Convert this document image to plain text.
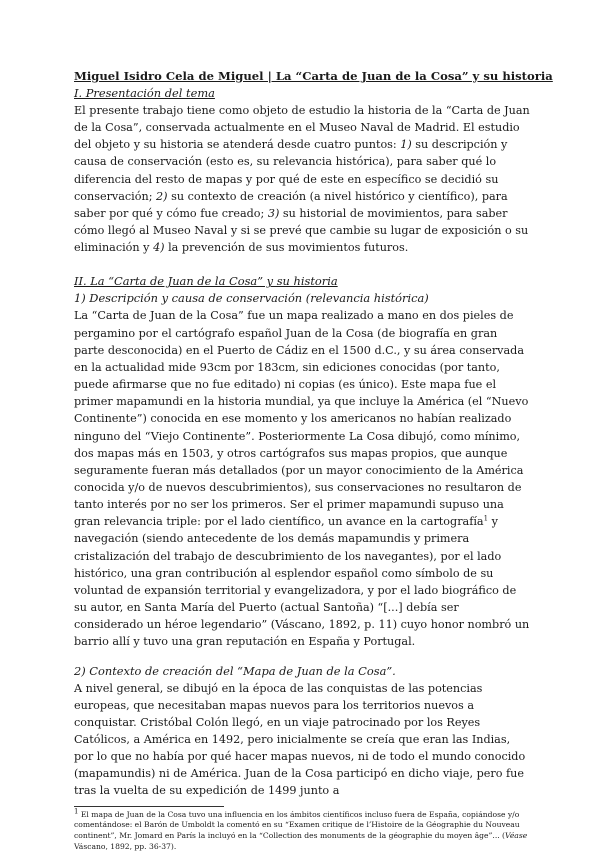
Miguel Isidro Cela de Miguel | La “Carta de Juan de la Cosa” y su historia
I. Presentación del tema

El presente trabajo tiene como objeto de estudio la historia de la “Carta de Juan de la Cosa”, conservada actualmente en el Museo Naval de Madrid. El estudio del objeto y su historia se atenderá desde cuatro puntos: 1) su descripción y causa de conservación (esto es, su relevancia histórica), para saber qué lo diferencia del resto de mapas y por qué de este en específico se decidió su conservación; 2) su contexto de creación (a nivel histórico y científico), para saber por qué y cómo fue creado; 3) su historial de movimientos, para saber cómo llegó al Museo Naval y si se prevé que cambie su lugar de exposición o su eliminación y 4) la prevención de sus movimientos futuros.

II. La “Carta de Juan de la Cosa” y su historia
1) Descripción y causa de conservación (relevancia histórica)

La “Carta de Juan de la Cosa” fue un mapa realizado a mano en dos pieles de pergamino por el cartógrafo español Juan de la Cosa (de biografía en gran parte desconocida) en el Puerto de Cádiz en el 1500 d.C., y su área conservada en la actualidad mide 93cm por 183cm, sin ediciones conocidas (por tanto, puede afirmarse que no fue editado) ni copias (es único). Este mapa fue el primer mapamundi en la historia mundial, ya que incluye la América (el “Nuevo Continente”) conocida en ese momento y los americanos no habían realizado ninguno del “Viejo Continente”. Posteriormente La Cosa dibujó, como mínimo, dos mapas más en 1503, y otros cartógrafos sus mapas propios, que aunque seguramente fueran más detallados (por un mayor conocimiento de la América conocida y/o de nuevos descubrimientos), sus conservaciones no resultaron de tanto interés por no ser los primeros. Ser el primer mapamundi supuso una gran relevancia triple: por el lado científico, un avance en la cartografía$^1$ y navegación (siendo antecedente de los demás mapamundis y primera cristalización del trabajo de descubrimiento de los navegantes), por el lado histórico, una gran contribución al esplendor español como símbolo de su voluntad de expansión territorial y evangelizadora, y por el lado biográfico de su autor, en Santa María del Puerto (actual Santoña) “[...] debía ser considerado un héroe legendario” (Váscano, 1892, p. 11) cuyo honor nombró un barrio allí y tuvo una gran reputación en España y Portugal.

2) Contexto de creación del “Mapa de Juan de la Cosa”.

A nivel general, se dibujó en la época de las conquistas de las potencias europeas, que necesitaban mapas nuevos para los territorios nuevos a conquistar. Cristóbal Colón llegó, en un viaje patrocinado por los Reyes Católicos, a América en 1492, pero inicialmente se creía que eran las Indias, por lo que no había por qué hacer mapas nuevos, ni de todo el mundo conocido (mapamundis) ni de América. Juan de la Cosa participó en dicho viaje, pero fue tras la vuelta de su expedición de 1499 junto a

$^1$ El mapa de Juan de la Cosa tuvo una influencia en los ámbitos científicos incluso fuera de España, copiándose y/o comentándose: el Barón de Umboldt la comentó en su “Examen critique de l’Histoire de la Géographie du Nouveau continent”, Mr. Jomard en París la incluyó en la “Collection des monuments de la géographie du moyen âge”... (Véase Váscano, 1892, pp. 36-37).
